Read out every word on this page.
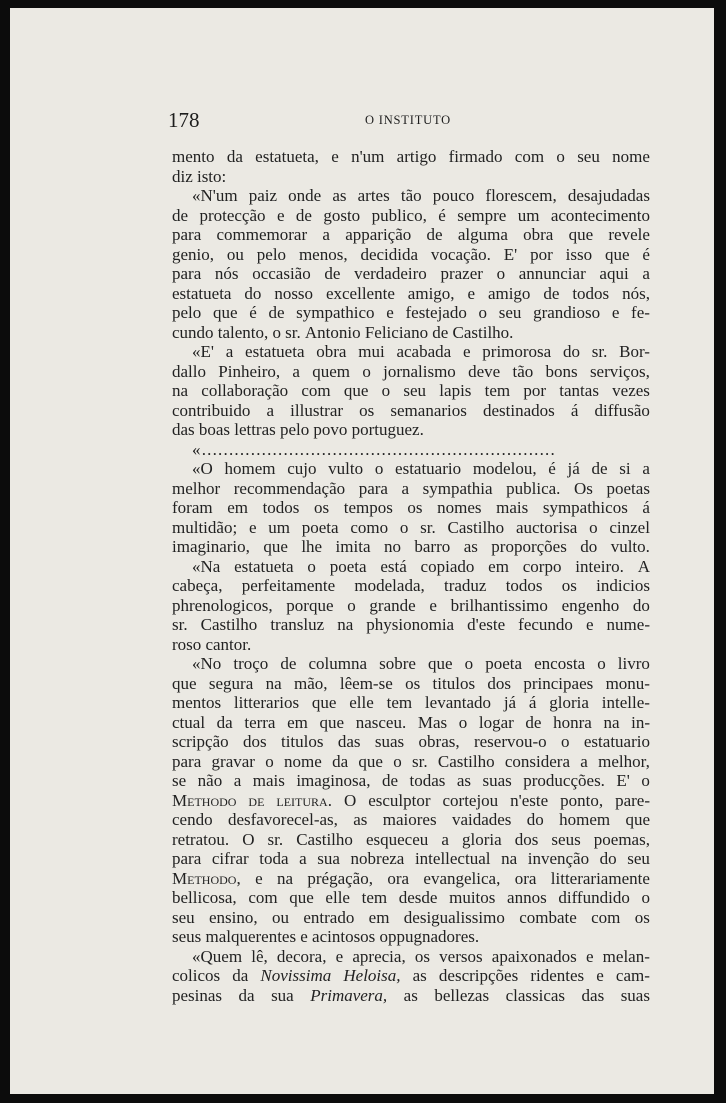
178	O INSTITUTO
mento da estatueta, e n'um artigo firmado com o seu nome
diz isto:
«N'um paiz onde as artes tão pouco florescem, desajudadas
de protecção e de gosto publico, é sempre um acontecimento
para commemorar a apparição de alguma obra que revele
genio, ou pelo menos, decidida vocação. E' por isso que é
para nós occasião de verdadeiro prazer o annunciar aqui a
estatueta do nosso excellente amigo, e amigo de todos nós,
pelo que é de sympathico e festejado o seu grandioso e fe-
cundo talento, o sr. Antonio Feliciano de Castilho.
«E' a estatueta obra mui acabada e primorosa do sr. Bor-
dallo Pinheiro, a quem o jornalismo deve tão bons serviços,
na collaboração com que o seu lapis tem por tantas vezes
contribuido a illustrar os semanarios destinados á diffusão
das boas lettras pelo povo portuguez.
«.................................................................
«O homem cujo vulto o estatuario modelou, é já de si a
melhor recommendação para a sympathia publica. Os poetas
foram em todos os tempos os nomes mais sympathicos á
multidão; e um poeta como o sr. Castilho auctorisa o cinzel
imaginario, que lhe imita no barro as proporções do vulto.
«Na estatueta o poeta está copiado em corpo inteiro. A
cabeça, perfeitamente modelada, traduz todos os indicios
phrenologicos, porque o grande e brilhantissimo engenho do
sr. Castilho transluz na physionomia d'este fecundo e nume-
roso cantor.
«No troço de columna sobre que o poeta encosta o livro
que segura na mão, lêem-se os titulos dos principaes monu-
mentos litterarios que elle tem levantado já á gloria intelle-
ctual da terra em que nasceu. Mas o logar de honra na in-
scripção dos titulos das suas obras, reservou-o o estatuario
para gravar o nome da que o sr. Castilho considera a melhor,
se não a mais imaginosa, de todas as suas producções. E' o
Methodo de leitura. O esculptor cortejou n'este ponto, pare-
cendo desfavorecel-as, as maiores vaidades do homem que
retratou. O sr. Castilho esqueceu a gloria dos seus poemas,
para cifrar toda a sua nobreza intellectual na invenção do seu
Methodo, e na prégação, ora evangelica, ora litterariamente
bellicosa, com que elle tem desde muitos annos diffundido o
seu ensino, ou entrado em desigualissimo combate com os
seus malquerentes e acintosos oppugnadores.
«Quem lê, decora, e aprecia, os versos apaixonados e melan-
colicos da Novissima Heloisa, as descripções ridentes e cam-
pesinas da sua Primavera, as bellezas classicas das suas
